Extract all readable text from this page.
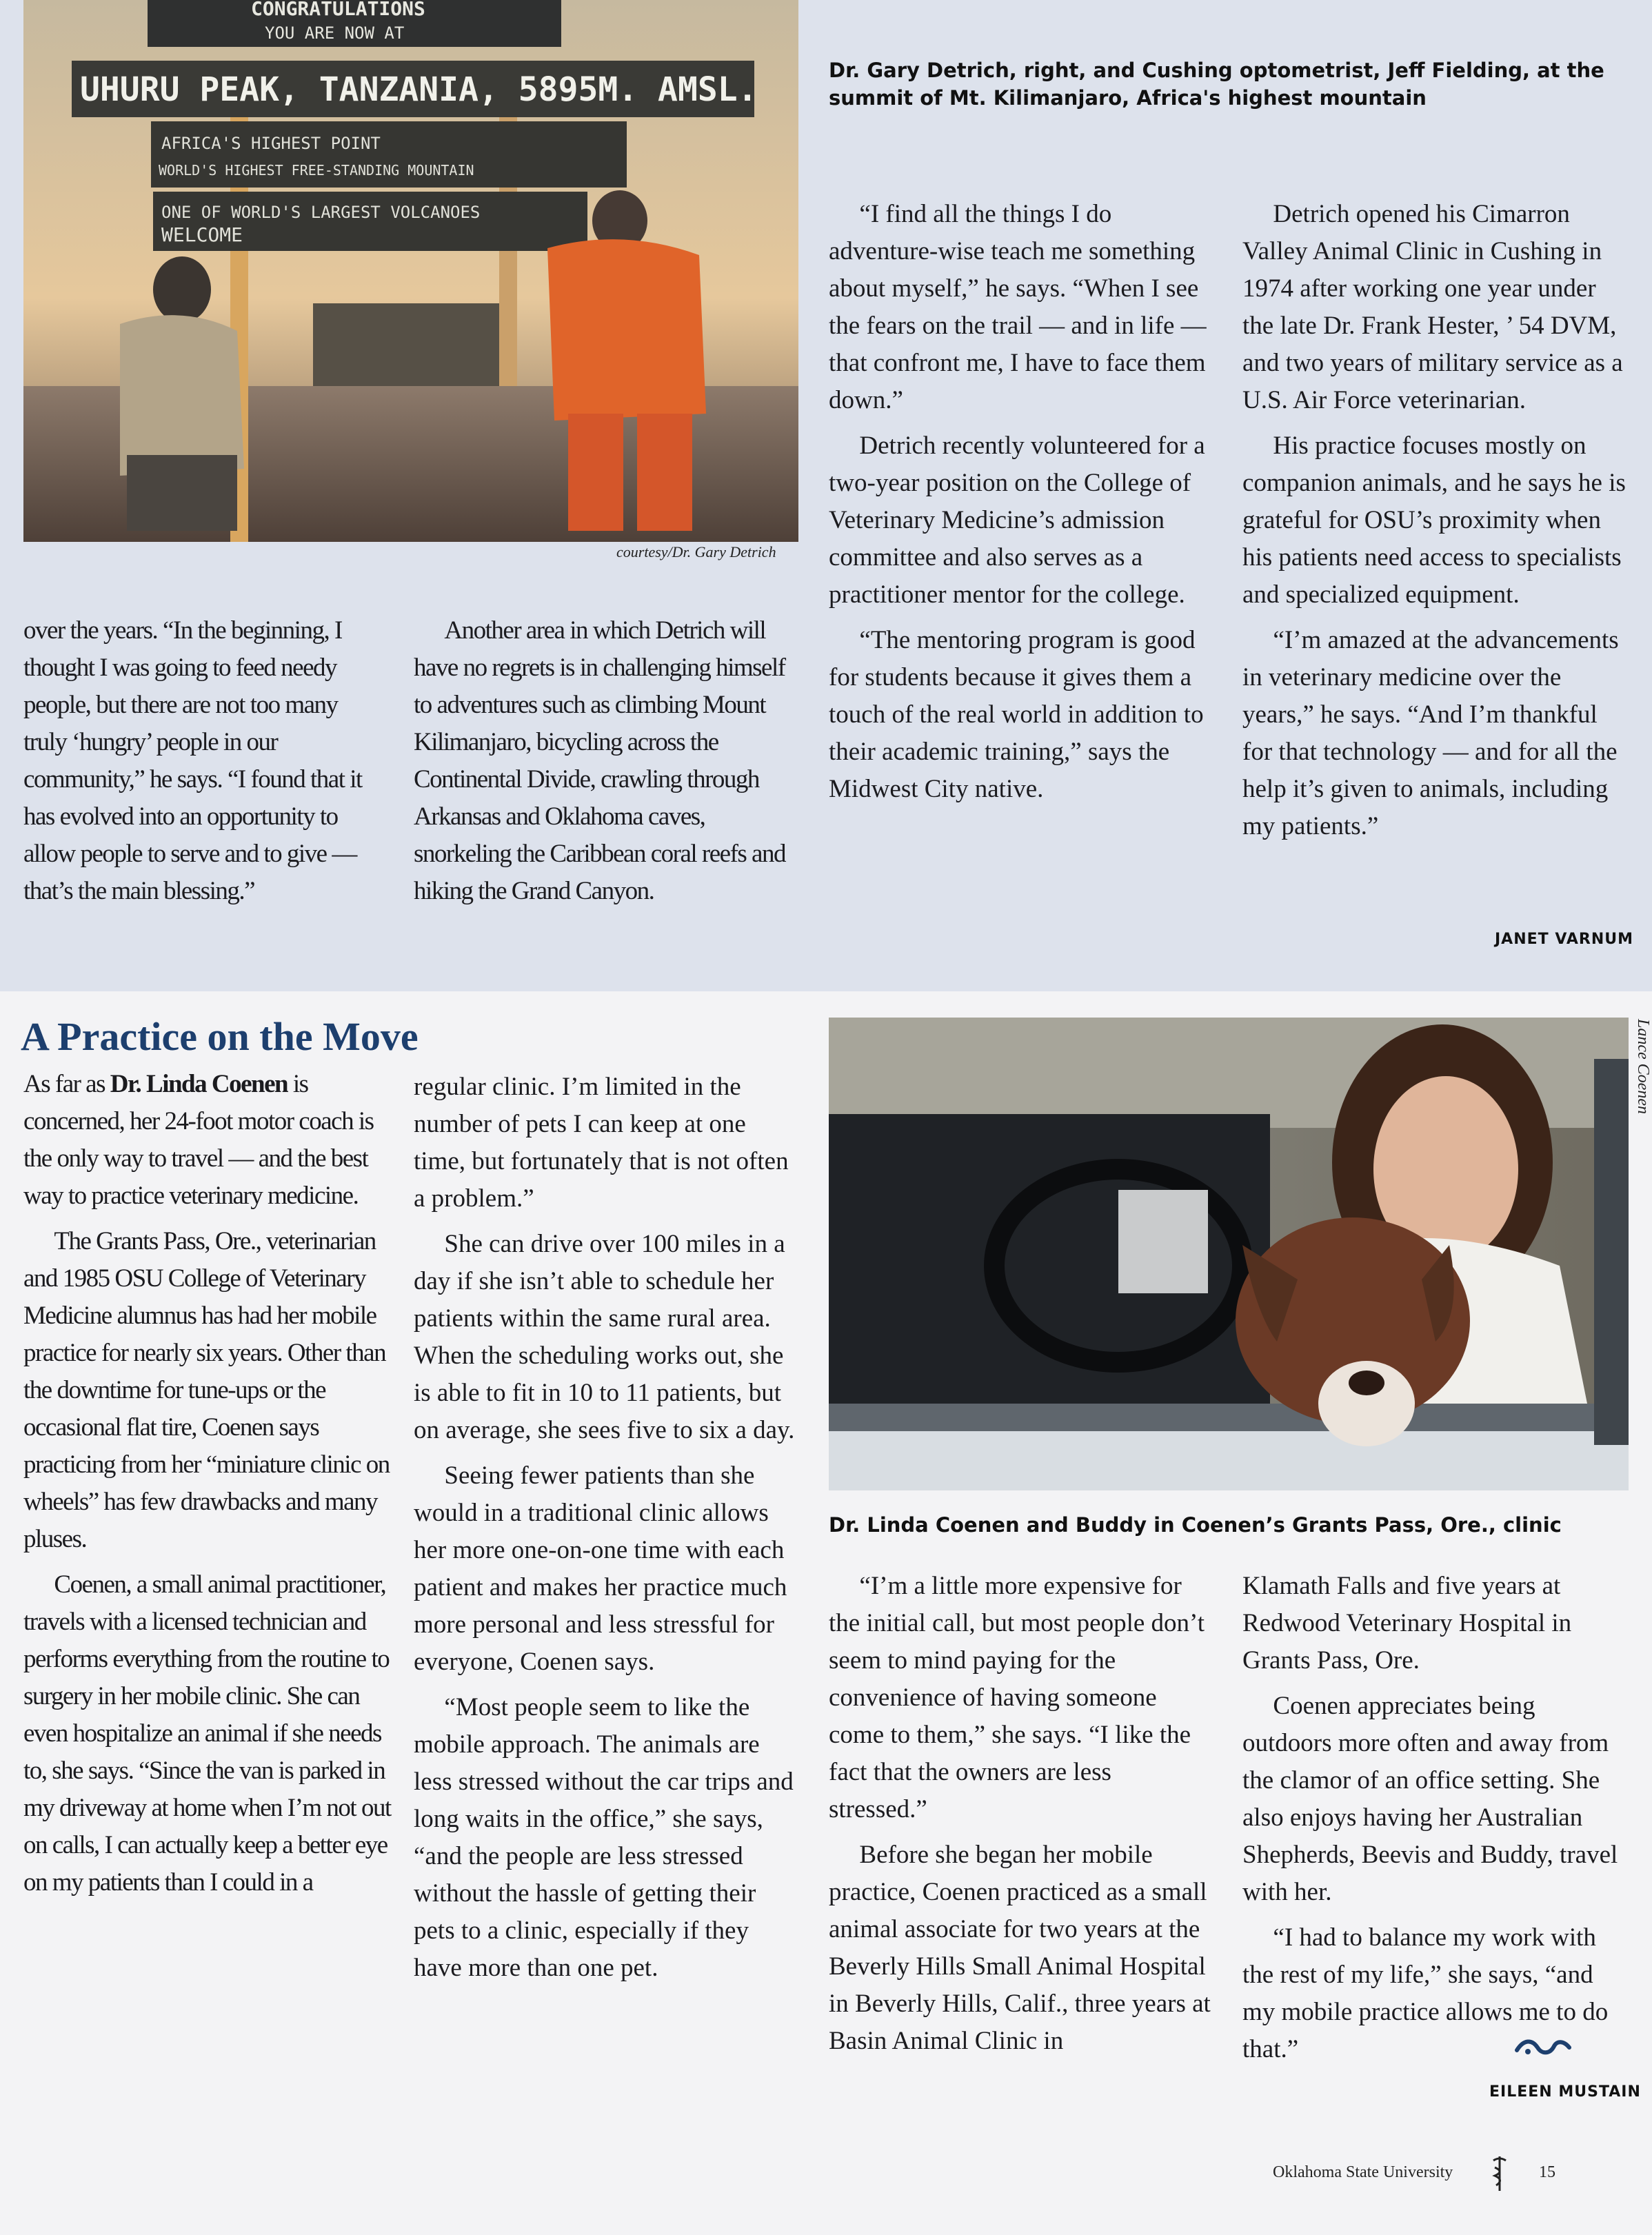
CONGRATULATIONS
YOU ARE NOW AT
UHURU PEAK, TANZANIA, 5895M. AMSL.
AFRICA'S HIGHEST POINT
WORLD'S HIGHEST FREE-STANDING MOUNTAIN
ONE OF WORLD'S LARGEST VOLCANOES
WELCOME
courtesy/Dr. Gary Detrich
Dr. Gary Detrich, right, and Cushing optometrist, Jeff Fielding, at the summit of Mt. Kilimanjaro, Africa's highest mountain

over the years. “In the beginning, I thought I was going to feed needy people, but there are not too many truly ‘hungry’ people in our community,” he says. “I found that it has evolved into an opportunity to allow people to serve and to give — that’s the main blessing.”

Another area in which Detrich will have no regrets is in challenging himself to adventures such as climbing Mount Kilimanjaro, bicycling across the Continental Divide, crawling through Arkansas and Oklahoma caves, snorkeling the Caribbean coral reefs and hiking the Grand Canyon.

“I find all the things I do adventure-wise teach me something about myself,” he says. “When I see the fears on the trail — and in life — that confront me, I have to face them down.”

Detrich recently volunteered for a two-year position on the College of Veterinary Medicine’s admission committee and also serves as a practitioner mentor for the college.

“The mentoring program is good for students because it gives them a touch of the real world in addition to their academic training,” says the Midwest City native.

Detrich opened his Cimarron Valley Animal Clinic in Cushing in 1974 after working one year under the late Dr. Frank Hester, ’ 54 DVM, and two years of military service as a U.S. Air Force veterinarian.

His practice focuses mostly on companion animals, and he says he is grateful for OSU’s proximity when his patients need access to specialists and specialized equipment.

“I’m amazed at the advancements in veterinary medicine over the years,” he says. “And I’m thankful for that technology — and for all the help it’s given to animals, including my patients.”

JANET VARNUM
A Practice on the Move

As far as Dr. Linda Coenen is concerned, her 24-foot motor coach is the only way to travel — and the best way to practice veterinary medicine.

The Grants Pass, Ore., veterinarian and 1985 OSU College of Veterinary Medicine alumnus has had her mobile practice for nearly six years. Other than the downtime for tune-ups or the occasional flat tire, Coenen says practicing from her “miniature clinic on wheels” has few drawbacks and many pluses.

Coenen, a small animal practitioner, travels with a licensed technician and performs everything from the routine to surgery in her mobile clinic. She can even hospitalize an animal if she needs to, she says. “Since the van is parked in my driveway at home when I’m not out on calls, I can actually keep a better eye on my patients than I could in a

regular clinic. I’m limited in the number of pets I can keep at one time, but fortunately that is not often a problem.”

She can drive over 100 miles in a day if she isn’t able to schedule her patients within the same rural area. When the scheduling works out, she is able to fit in 10 to 11 patients, but on average, she sees five to six a day.

Seeing fewer patients than she would in a traditional clinic allows her more one-on-one time with each patient and makes her practice much more personal and less stressful for everyone, Coenen says.

“Most people seem to like the mobile approach. The animals are less stressed without the car trips and long waits in the office,” she says, “and the people are less stressed without the hassle of getting their pets to a clinic, especially if they have more than one pet.

Lance Coenen
Dr. Linda Coenen and Buddy in Coenen’s Grants Pass, Ore., clinic

“I’m a little more expensive for the initial call, but most people don’t seem to mind paying for the convenience of having someone come to them,” she says. “I like the fact that the owners are less stressed.”

Before she began her mobile practice, Coenen practiced as a small animal associate for two years at the Beverly Hills Small Animal Hospital in Beverly Hills, Calif., three years at Basin Animal Clinic in

Klamath Falls and five years at Redwood Veterinary Hospital in Grants Pass, Ore.

Coenen appreciates being outdoors more often and away from the clamor of an office setting. She also enjoys having her Australian Shepherds, Beevis and Buddy, travel with her.

“I had to balance my work with the rest of my life,” she says, “and my mobile practice allows me to do that.”

EILEEN MUSTAIN
Oklahoma State University	15
